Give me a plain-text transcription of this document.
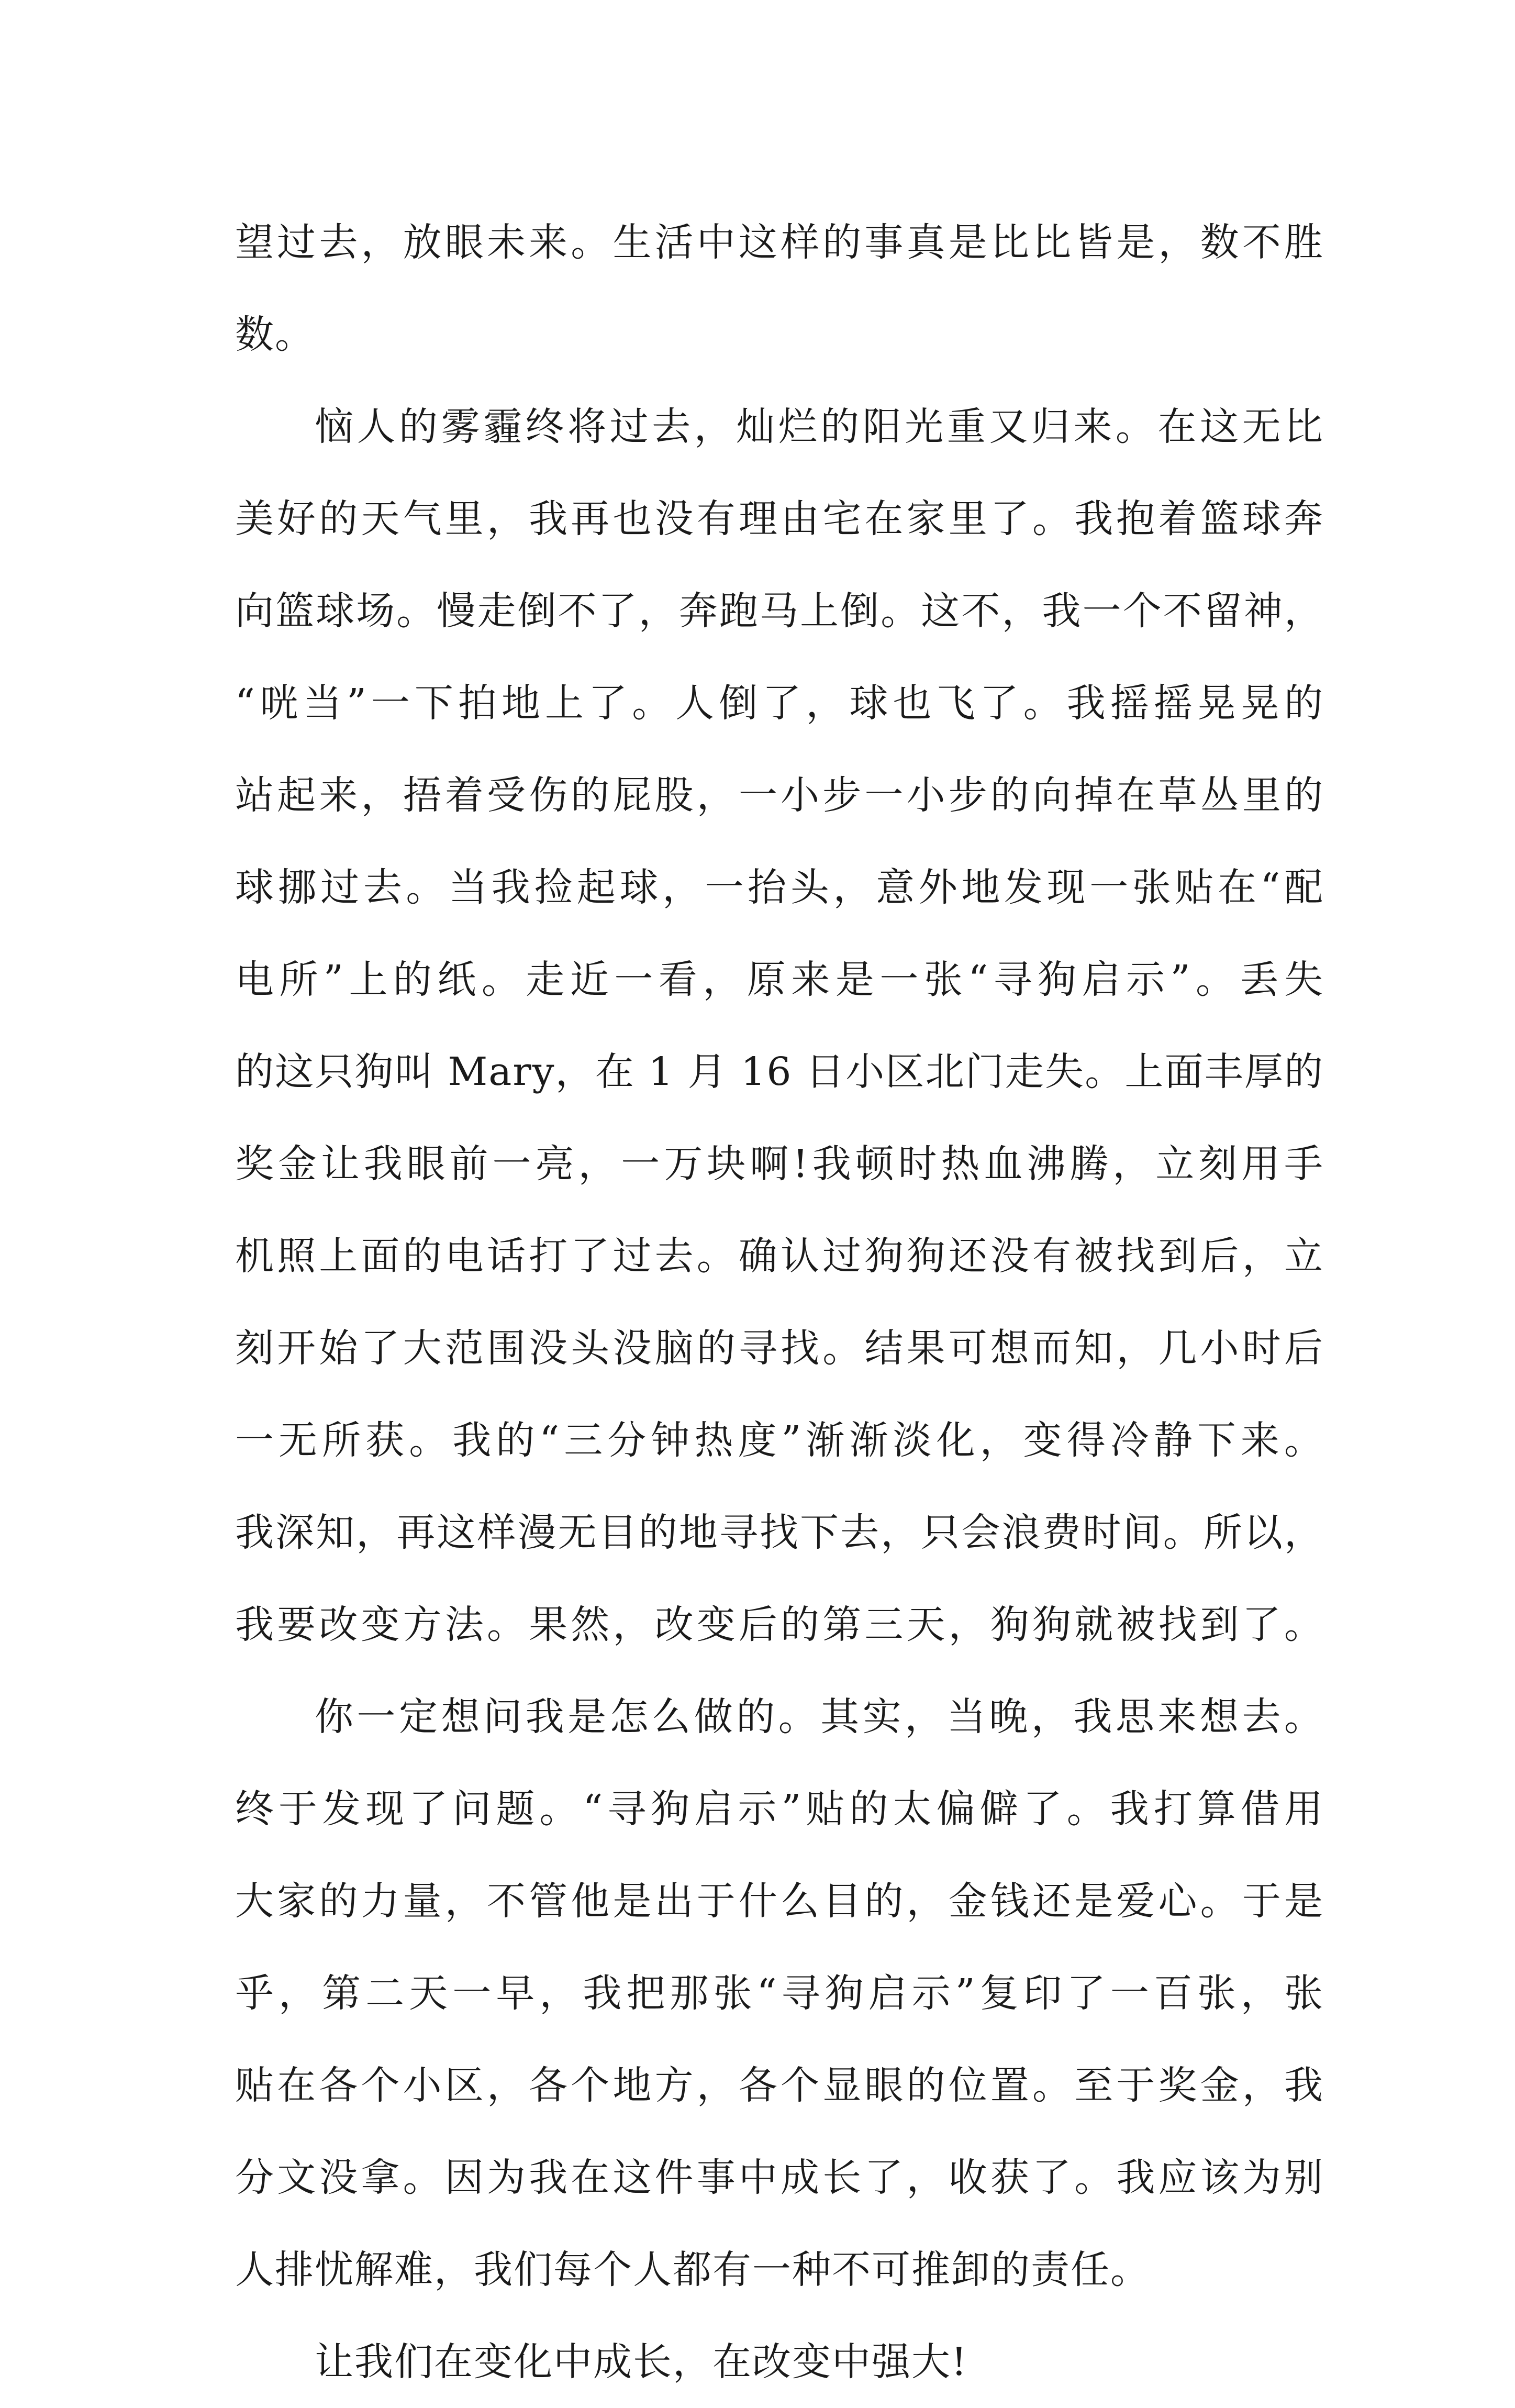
望过去，放眼未来。生活中这样的事真是比比皆是，数不胜
数。
恼人的雾霾终将过去，灿烂的阳光重又归来。在这无比
美好的天气里，我再也没有理由宅在家里了。我抱着篮球奔
向篮球场。慢走倒不了，奔跑马上倒。这不，我一个不留神，
“咣当”一下拍地上了。人倒了，球也飞了。我摇摇晃晃的
站起来，捂着受伤的屁股，一小步一小步的向掉在草丛里的
球挪过去。当我捡起球，一抬头，意外地发现一张贴在“配
电所”上的纸。走近一看，原来是一张“寻狗启示”。丢失
的这只狗叫 Mary，在 1 月 16 日小区北门走失。上面丰厚的
奖金让我眼前一亮，一万块啊!我顿时热血沸腾，立刻用手
机照上面的电话打了过去。确认过狗狗还没有被找到后，立
刻开始了大范围没头没脑的寻找。结果可想而知，几小时后
一无所获。我的“三分钟热度”渐渐淡化，变得冷静下来。
我深知，再这样漫无目的地寻找下去，只会浪费时间。所以，
我要改变方法。果然，改变后的第三天，狗狗就被找到了。
你一定想问我是怎么做的。其实，当晚，我思来想去。
终于发现了问题。“寻狗启示”贴的太偏僻了。我打算借用
大家的力量，不管他是出于什么目的，金钱还是爱心。于是
乎，第二天一早，我把那张“寻狗启示”复印了一百张，张
贴在各个小区，各个地方，各个显眼的位置。至于奖金，我
分文没拿。因为我在这件事中成长了，收获了。我应该为别
人排忧解难，我们每个人都有一种不可推卸的责任。
让我们在变化中成长，在改变中强大!
